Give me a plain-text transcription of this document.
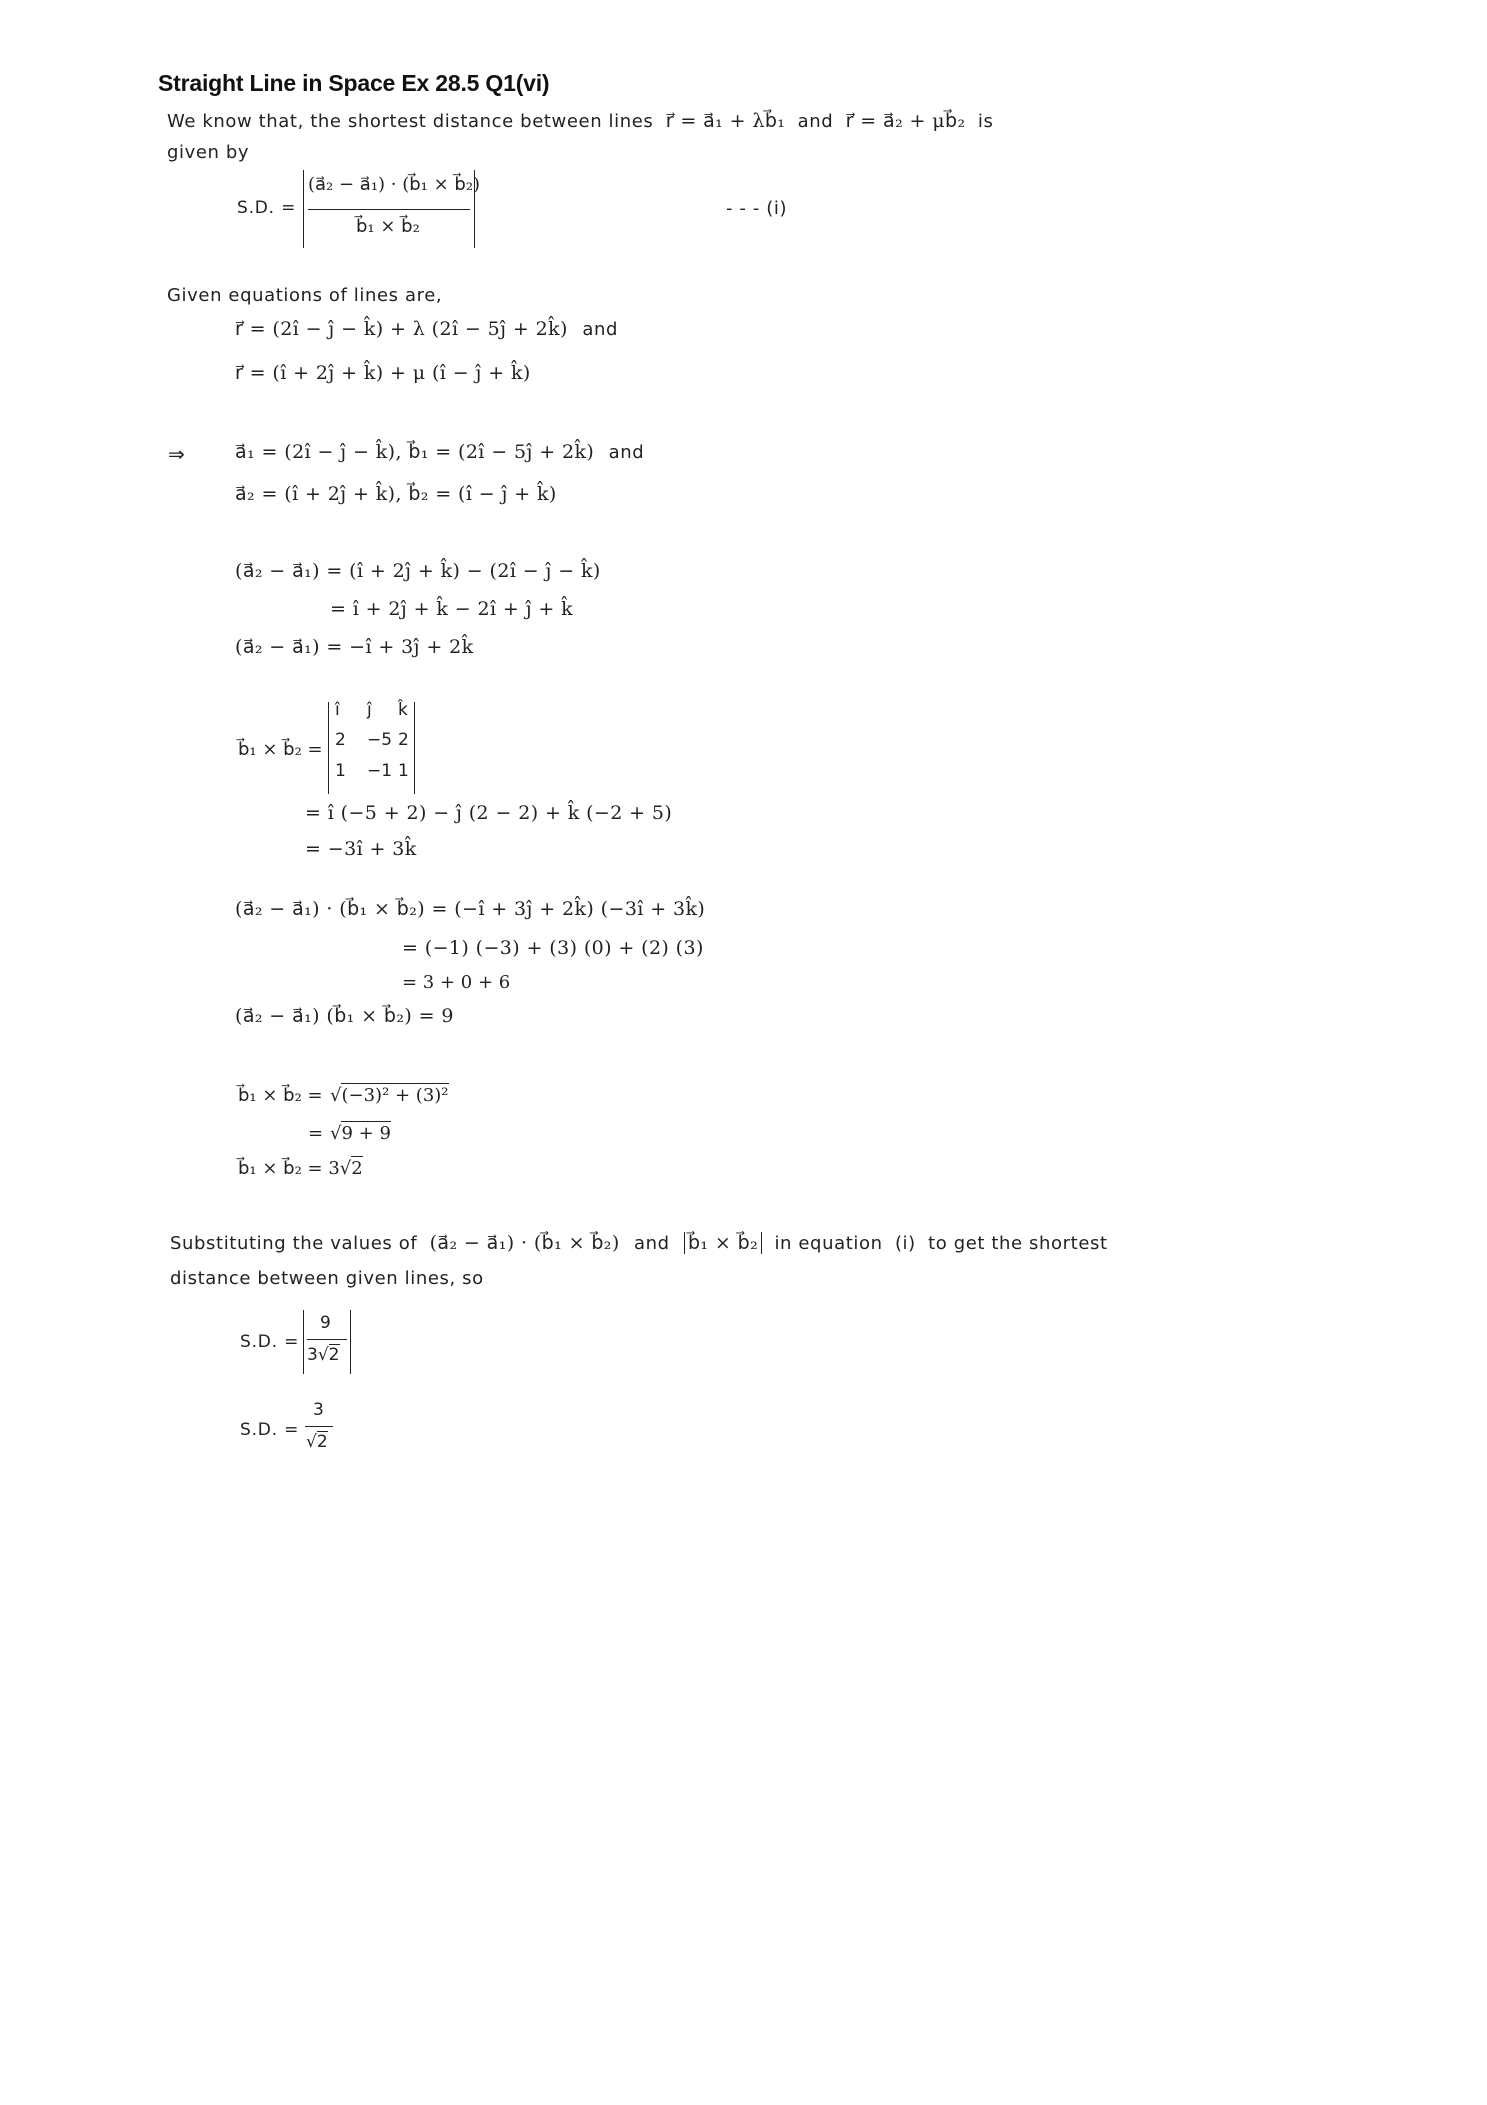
Straight Line in Space Ex 28.5 Q1(vi)
We know that, the shortest distance between lines r⃗ = a⃗₁ + λb⃗₁ and r⃗ = a⃗₂ + μb⃗₂ is
given by
S.D. =
(a⃗₂ − a⃗₁) · (b⃗₁ × b⃗₂)
b⃗₁ × b⃗₂
- - - (i)
Given equations of lines are,
r⃗ = (2î − ĵ − k̂) + λ (2î − 5ĵ + 2k̂) and
r⃗ = (î + 2ĵ + k̂) + μ (î − ĵ + k̂)
⇒	a⃗₁ = (2î − ĵ − k̂), b⃗₁ = (2î − 5ĵ + 2k̂) and
a⃗₂ = (î + 2ĵ + k̂), b⃗₂ = (î − ĵ + k̂)
(a⃗₂ − a⃗₁) = (î + 2ĵ + k̂) − (2î − ĵ − k̂)
= î + 2ĵ + k̂ − 2î + ĵ + k̂
(a⃗₂ − a⃗₁) = −î + 3ĵ + 2k̂
b⃗₁ × b⃗₂ =
î ĵ k̂
2 −5 2
1 −1 1
= î (−5 + 2) − ĵ (2 − 2) + k̂ (−2 + 5)
= −3î + 3k̂
(a⃗₂ − a⃗₁) · (b⃗₁ × b⃗₂) = (−î + 3ĵ + 2k̂) (−3î + 3k̂)
= (−1) (−3) + (3) (0) + (2) (3)
= 3 + 0 + 6
(a⃗₂ − a⃗₁) (b⃗₁ × b⃗₂) = 9
b⃗₁ × b⃗₂ = √(−3)² + (3)²
= √9 + 9
b⃗₁ × b⃗₂ = 3√2
Substituting the values of (a⃗₂ − a⃗₁) · (b⃗₁ × b⃗₂) and b⃗₁ × b⃗₂ in equation (i) to get the shortest
distance between given lines, so
S.D. =
9
3√2
S.D. =
3
√2
